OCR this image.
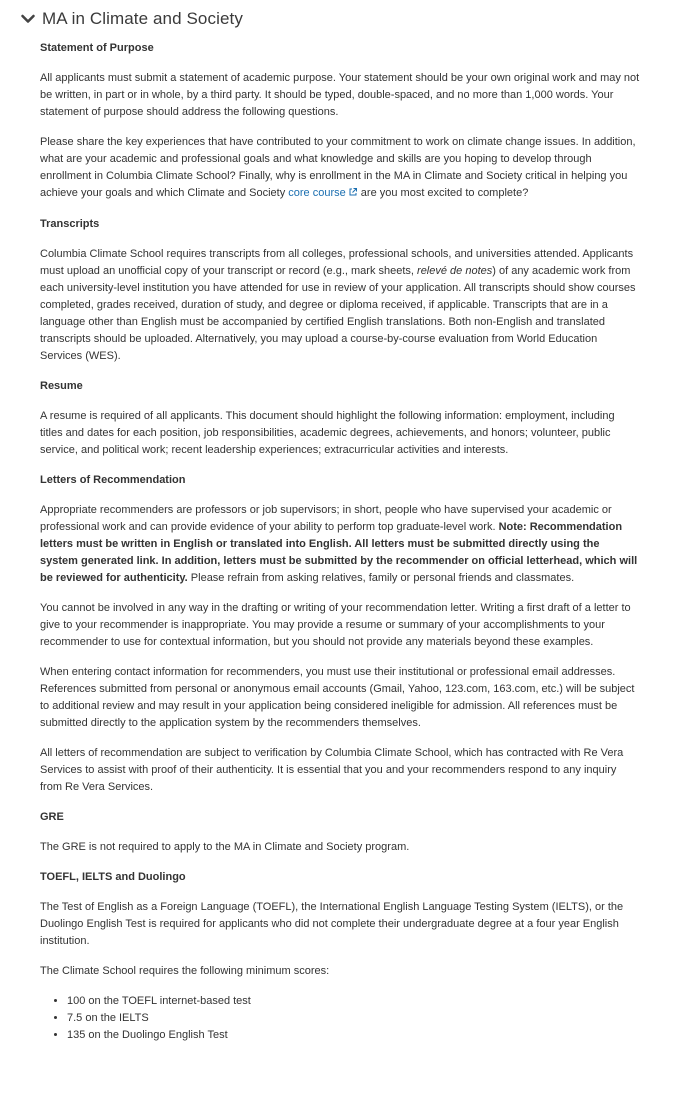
MA in Climate and Society
Statement of Purpose

All applicants must submit a statement of academic purpose. Your statement should be your own original work and may not be written, in part or in whole, by a third party. It should be typed, double-spaced, and no more than 1,000 words. Your statement of purpose should address the following questions.

Please share the key experiences that have contributed to your commitment to work on climate change issues. In addition, what are your academic and professional goals and what knowledge and skills are you hoping to develop through enrollment in Columbia Climate School? Finally, why is enrollment in the MA in Climate and Society critical in helping you achieve your goals and which Climate and Society core course are you most excited to complete?

Transcripts

Columbia Climate School requires transcripts from all colleges, professional schools, and universities attended. Applicants must upload an unofficial copy of your transcript or record (e.g., mark sheets, relevé de notes) of any academic work from each university-level institution you have attended for use in review of your application. All transcripts should show courses completed, grades received, duration of study, and degree or diploma received, if applicable. Transcripts that are in a language other than English must be accompanied by certified English translations. Both non-English and translated transcripts should be uploaded. Alternatively, you may upload a course-by-course evaluation from World Education Services (WES).

Resume

A resume is required of all applicants. This document should highlight the following information: employment, including titles and dates for each position, job responsibilities, academic degrees, achievements, and honors; volunteer, public service, and political work; recent leadership experiences; extracurricular activities and interests.

Letters of Recommendation

Appropriate recommenders are professors or job supervisors; in short, people who have supervised your academic or professional work and can provide evidence of your ability to perform top graduate-level work. Note: Recommendation letters must be written in English or translated into English. All letters must be submitted directly using the system generated link. In addition, letters must be submitted by the recommender on official letterhead, which will be reviewed for authenticity. Please refrain from asking relatives, family or personal friends and classmates.

You cannot be involved in any way in the drafting or writing of your recommendation letter. Writing a first draft of a letter to give to your recommender is inappropriate. You may provide a resume or summary of your accomplishments to your recommender to use for contextual information, but you should not provide any materials beyond these examples.

When entering contact information for recommenders, you must use their institutional or professional email addresses. References submitted from personal or anonymous email accounts (Gmail, Yahoo, 123.com, 163.com, etc.) will be subject to additional review and may result in your application being considered ineligible for admission. All references must be submitted directly to the application system by the recommenders themselves.

All letters of recommendation are subject to verification by Columbia Climate School, which has contracted with Re Vera Services to assist with proof of their authenticity. It is essential that you and your recommenders respond to any inquiry from Re Vera Services.

GRE

The GRE is not required to apply to the MA in Climate and Society program.

TOEFL, IELTS and Duolingo

The Test of English as a Foreign Language (TOEFL), the International English Language Testing System (IELTS), or the Duolingo English Test is required for applicants who did not complete their undergraduate degree at a four year English institution.

The Climate School requires the following minimum scores:

• 100 on the TOEFL internet-based test
• 7.5 on the IELTS
• 135 on the Duolingo English Test
